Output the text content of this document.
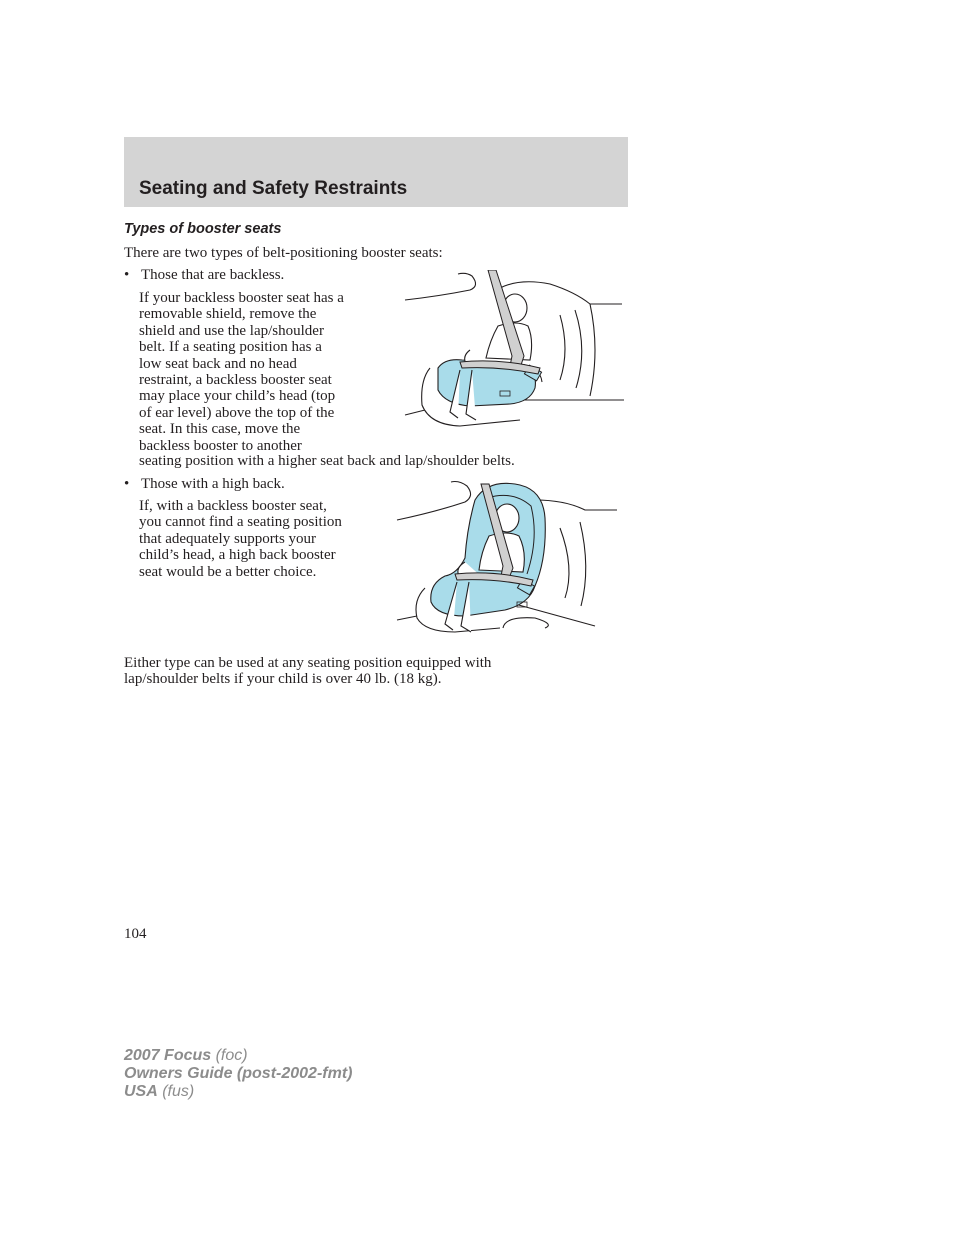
Seating and Safety Restraints
Types of booster seats

There are two types of belt-positioning booster seats:

• Those that are backless.

If your backless booster seat has a
removable shield, remove the
shield and use the lap/shoulder
belt. If a seating position has a
low seat back and no head
restraint, a backless booster seat
may place your child’s head (top
of ear level) above the top of the
seat. In this case, move the
backless booster to another

seating position with a higher seat back and lap/shoulder belts.

• Those with a high back.

If, with a backless booster seat,
you cannot find a seating position
that adequately supports your
child’s head, a high back booster
seat would be a better choice.

Either type can be used at any seating position equipped with
lap/shoulder belts if your child is over 40 lb. (18 kg).

104

2007 Focus (foc)
Owners Guide (post-2002-fmt)
USA (fus)
